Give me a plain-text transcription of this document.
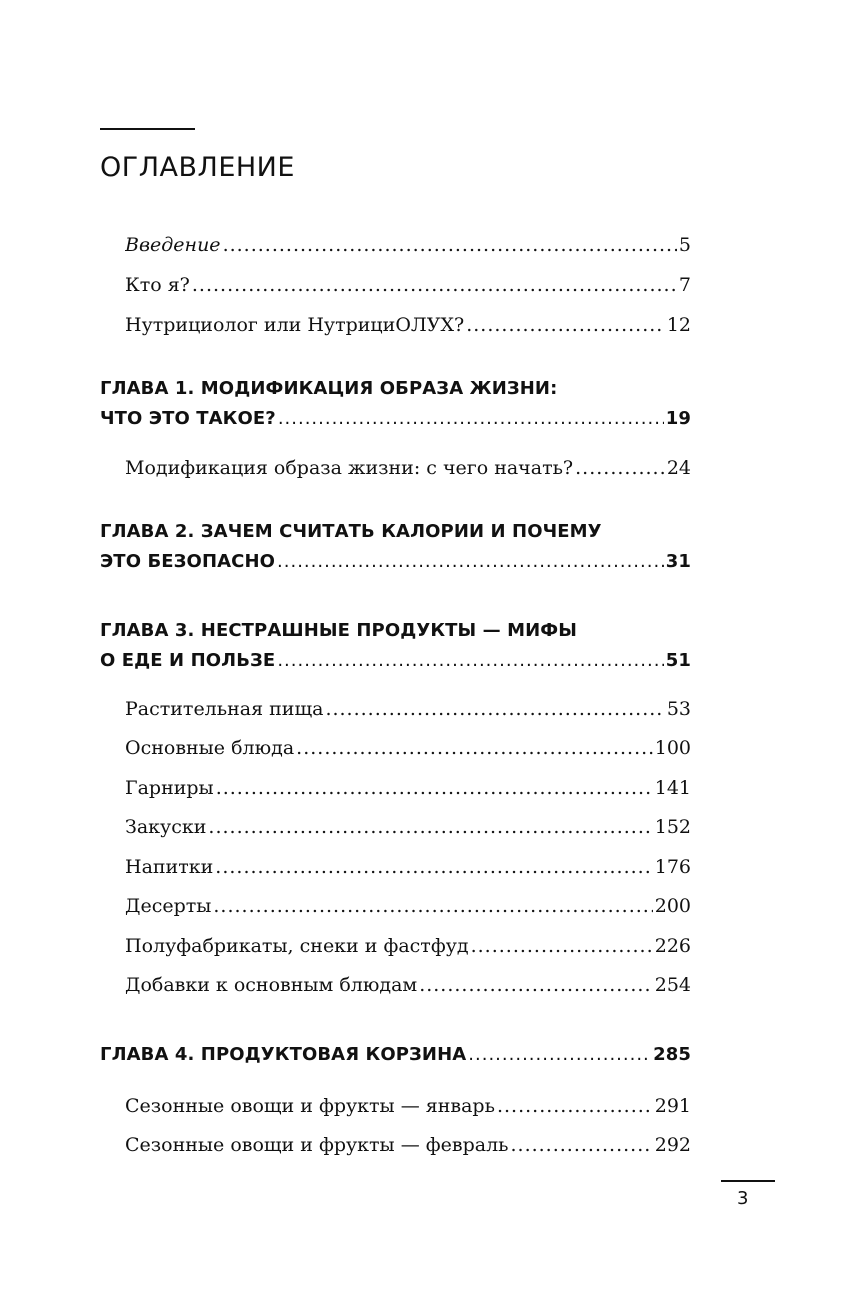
ОГЛАВЛЕНИЕ
Введение .....	5
Кто я? .....	7
Нутрициолог или НутрициОЛУХ? .....	12
ГЛАВА 1. МОДИФИКАЦИЯ ОБРАЗА ЖИЗНИ:
ЧТО ЭТО ТАКОЕ? .....	19
Модификация образа жизни: с чего начать? .....	24
ГЛАВА 2. ЗАЧЕМ СЧИТАТЬ КАЛОРИИ И ПОЧЕМУ
ЭТО БЕЗОПАСНО .....	31
ГЛАВА 3. НЕСТРАШНЫЕ ПРОДУКТЫ — МИФЫ
О ЕДЕ И ПОЛЬЗЕ .....	51
Растительная пища .....	53
Основные блюда .....	100
Гарниры .....	141
Закуски .....	152
Напитки .....	176
Десерты .....	200
Полуфабрикаты, снеки и фастфуд .....	226
Добавки к основным блюдам .....	254
ГЛАВА 4. ПРОДУКТОВАЯ КОРЗИНА .....	285
Сезонные овощи и фрукты — январь .....	291
Сезонные овощи и фрукты — февраль .....	292
3
